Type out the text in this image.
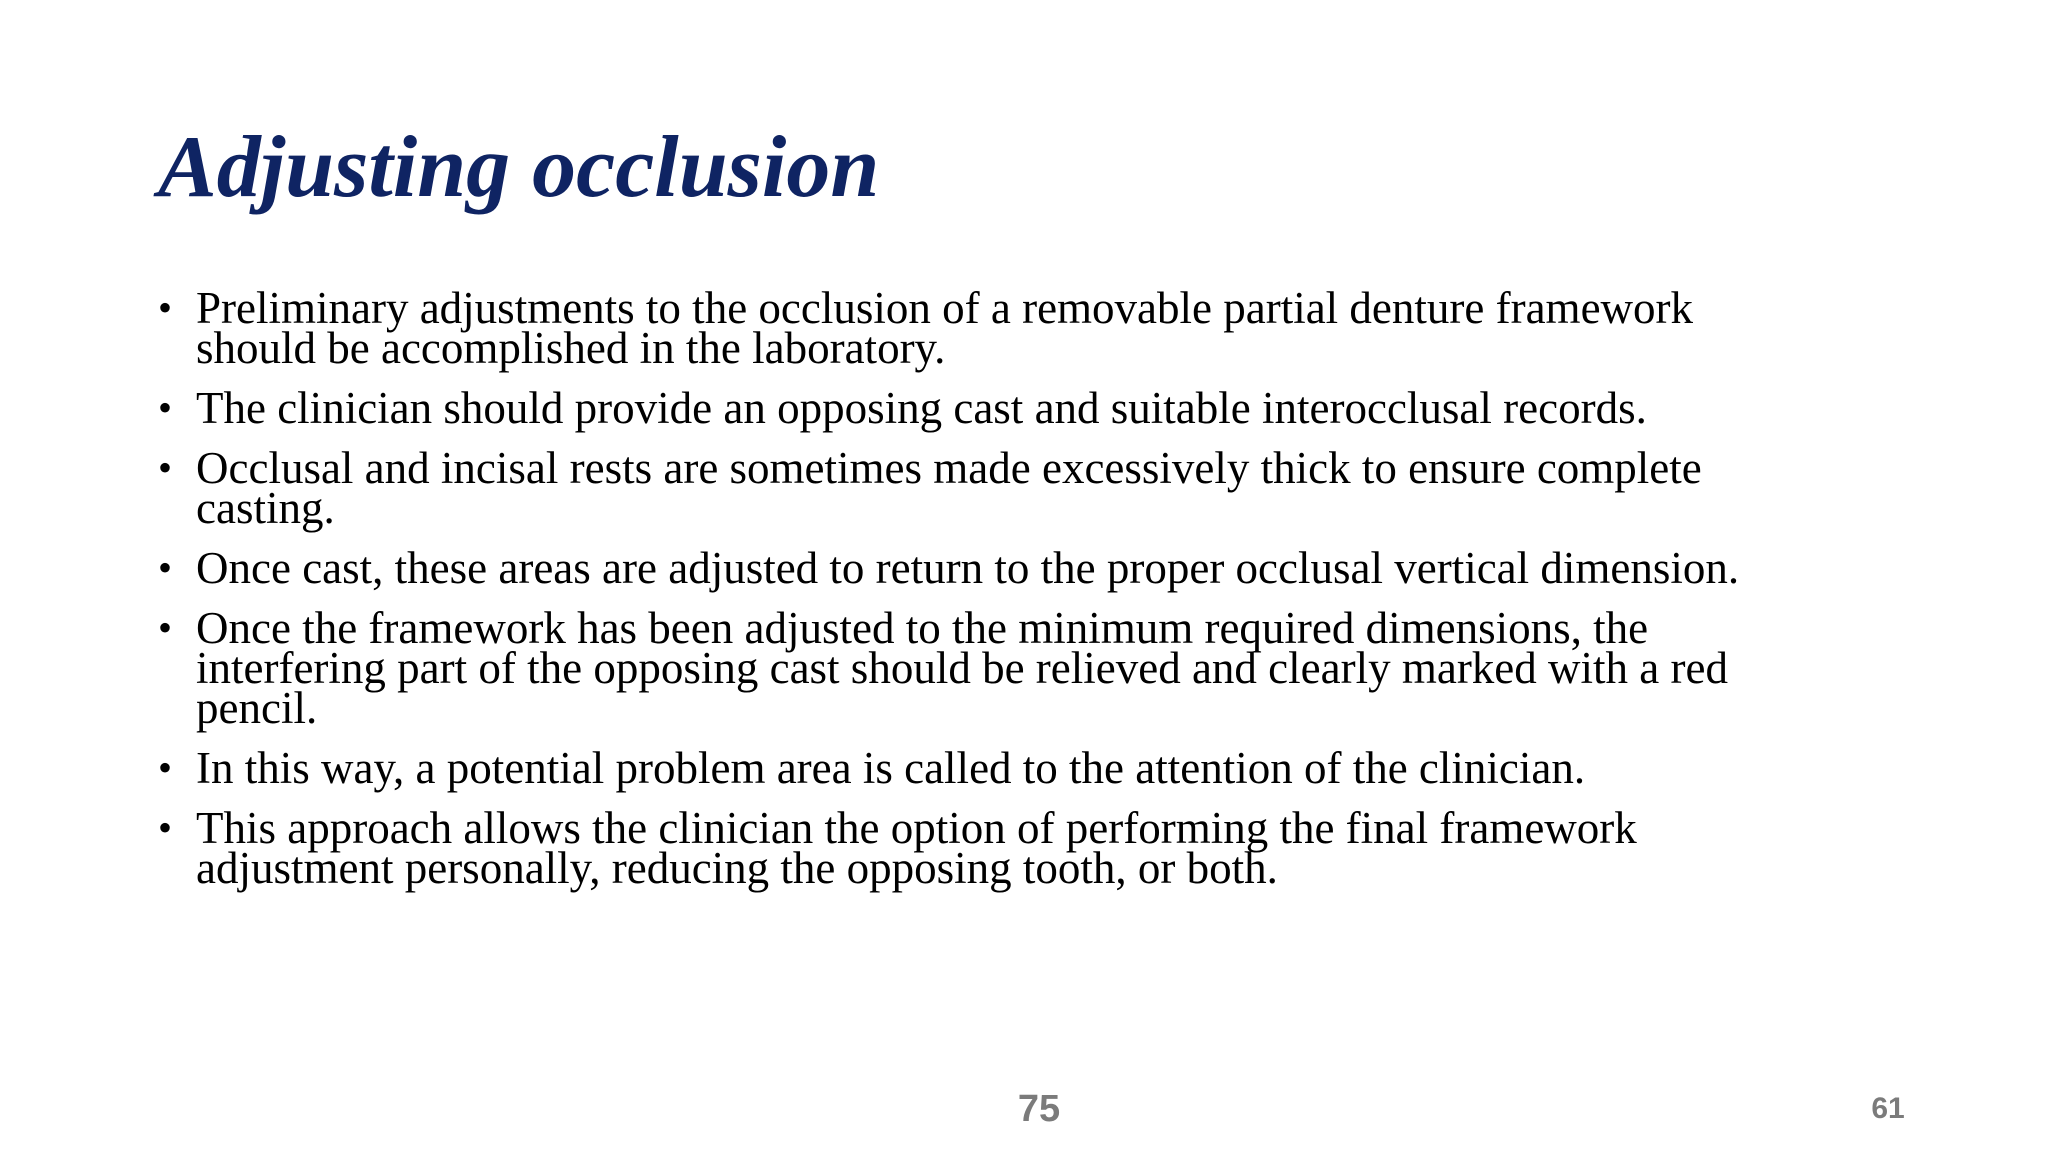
Adjusting occlusion
• Preliminary adjustments to the occlusion of a removable partial denture framework
should be accomplished in the laboratory.
• The clinician should provide an opposing cast and suitable interocclusal records.
• Occlusal and incisal rests are sometimes made excessively thick to ensure complete
casting.
• Once cast, these areas are adjusted to return to the proper occlusal vertical dimension.
• Once the framework has been adjusted to the minimum required dimensions, the
interfering part of the opposing cast should be relieved and clearly marked with a red
pencil.
• In this way, a potential problem area is called to the attention of the clinician.
• This approach allows the clinician the option of performing the final framework
adjustment personally, reducing the opposing tooth, or both.
75	61
